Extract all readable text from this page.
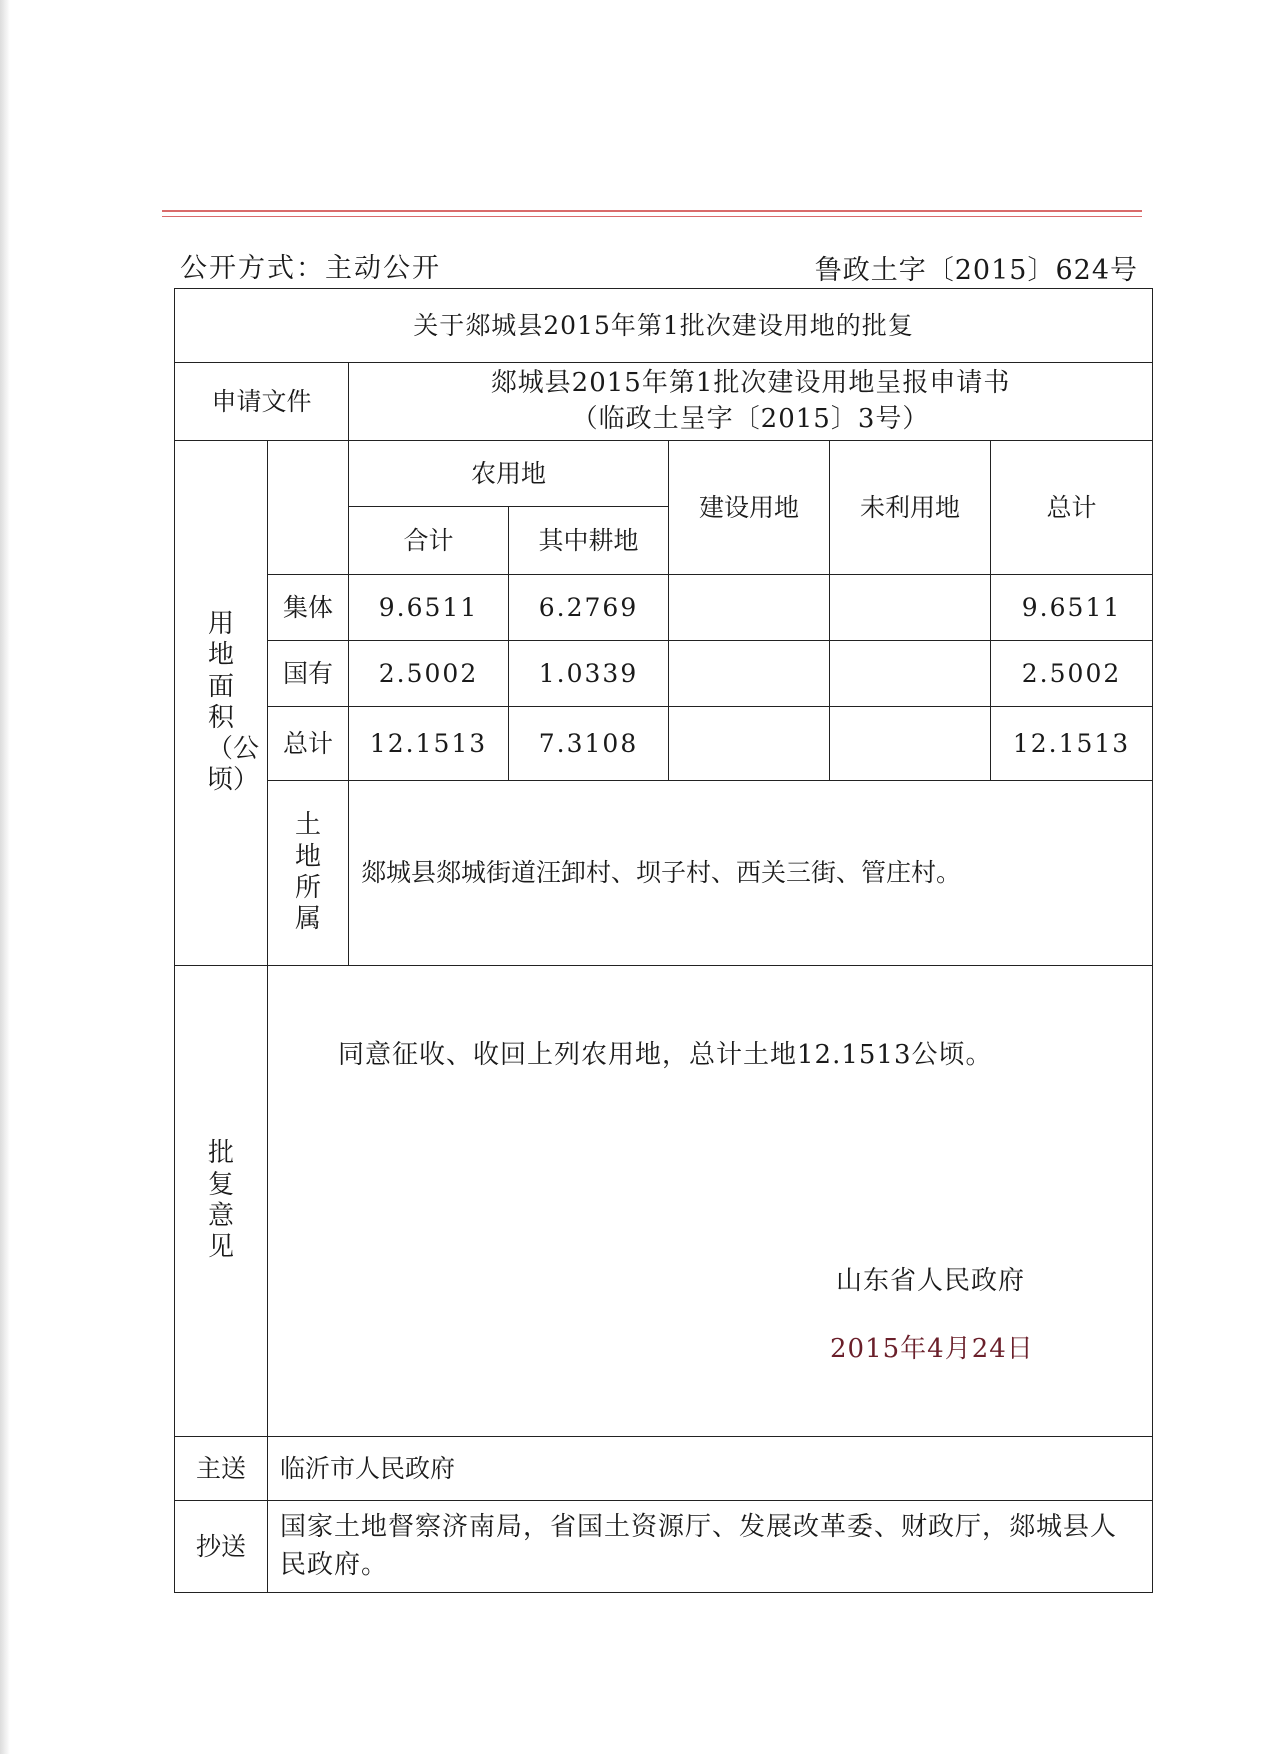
公开方式：主动公开	鲁政土字〔2015〕624号
关于郯城县2015年第1批次建设用地的批复						
申请文件		郯城县2015年第1批次建设用地呈报申请书
（临政土呈字〔2015〕3号）				

用地面积（公顷）		农用地		建设用地	未利用地	总计
		合计	其中耕地			
	集体	9.6511	6.2769			9.6511
	国有	2.5002	1.0339			2.5002
	总计	12.1513	7.3108			12.1513
	土地所属	郯城县郯城街道汪卸村、坝子村、西关三街、管庄村。				
批复意见	同意征收、收回上列农用地，总计土地12.1513公顷。
山东省人民政府
2015年4月24日					

主送	临沂市人民政府					
抄送	国家土地督察济南局，省国土资源厅、发展改革委、财政厅，郯城县人民政府。					
